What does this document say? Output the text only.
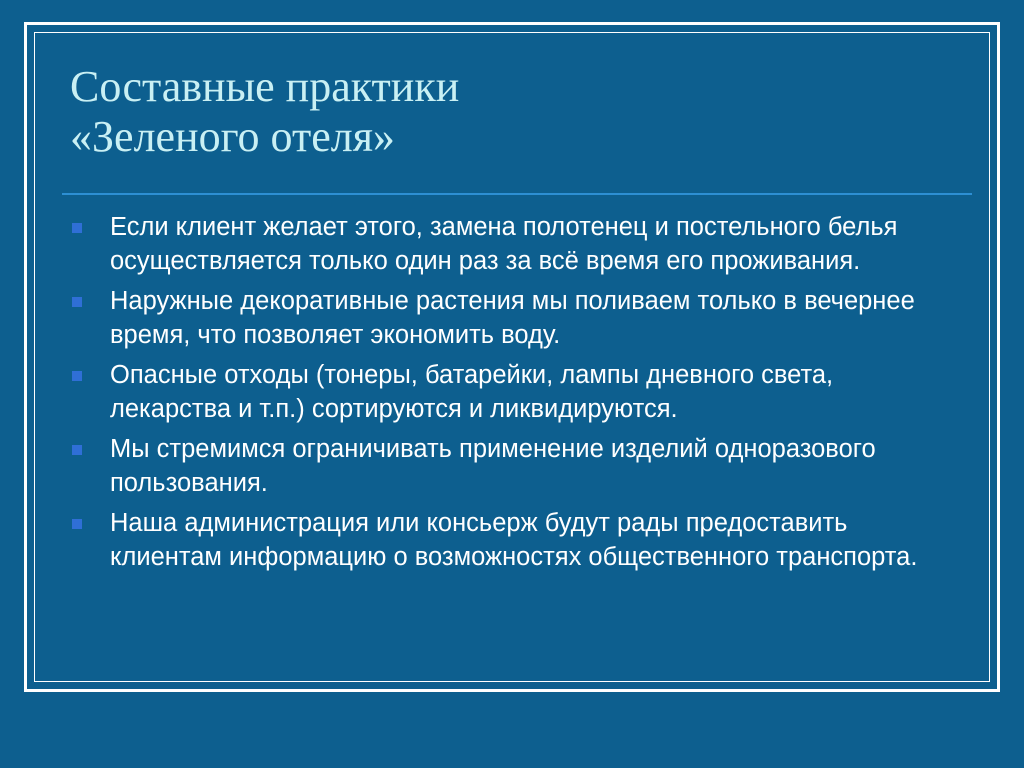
Составные практики
«Зеленого отеля»
Если клиент желает этого, замена полотенец и постельного белья осуществляется только один раз за всё время его проживания.
Наружные декоративные растения мы поливаем только в вечернее время, что позволяет экономить воду.
Опасные отходы (тонеры, батарейки, лампы дневного света, лекарства и т.п.) сортируются и ликвидируются.
Мы стремимся ограничивать применение изделий одноразового пользования.
Наша администрация или консьерж будут рады предоставить клиентам информацию о возможностях общественного транспорта.
